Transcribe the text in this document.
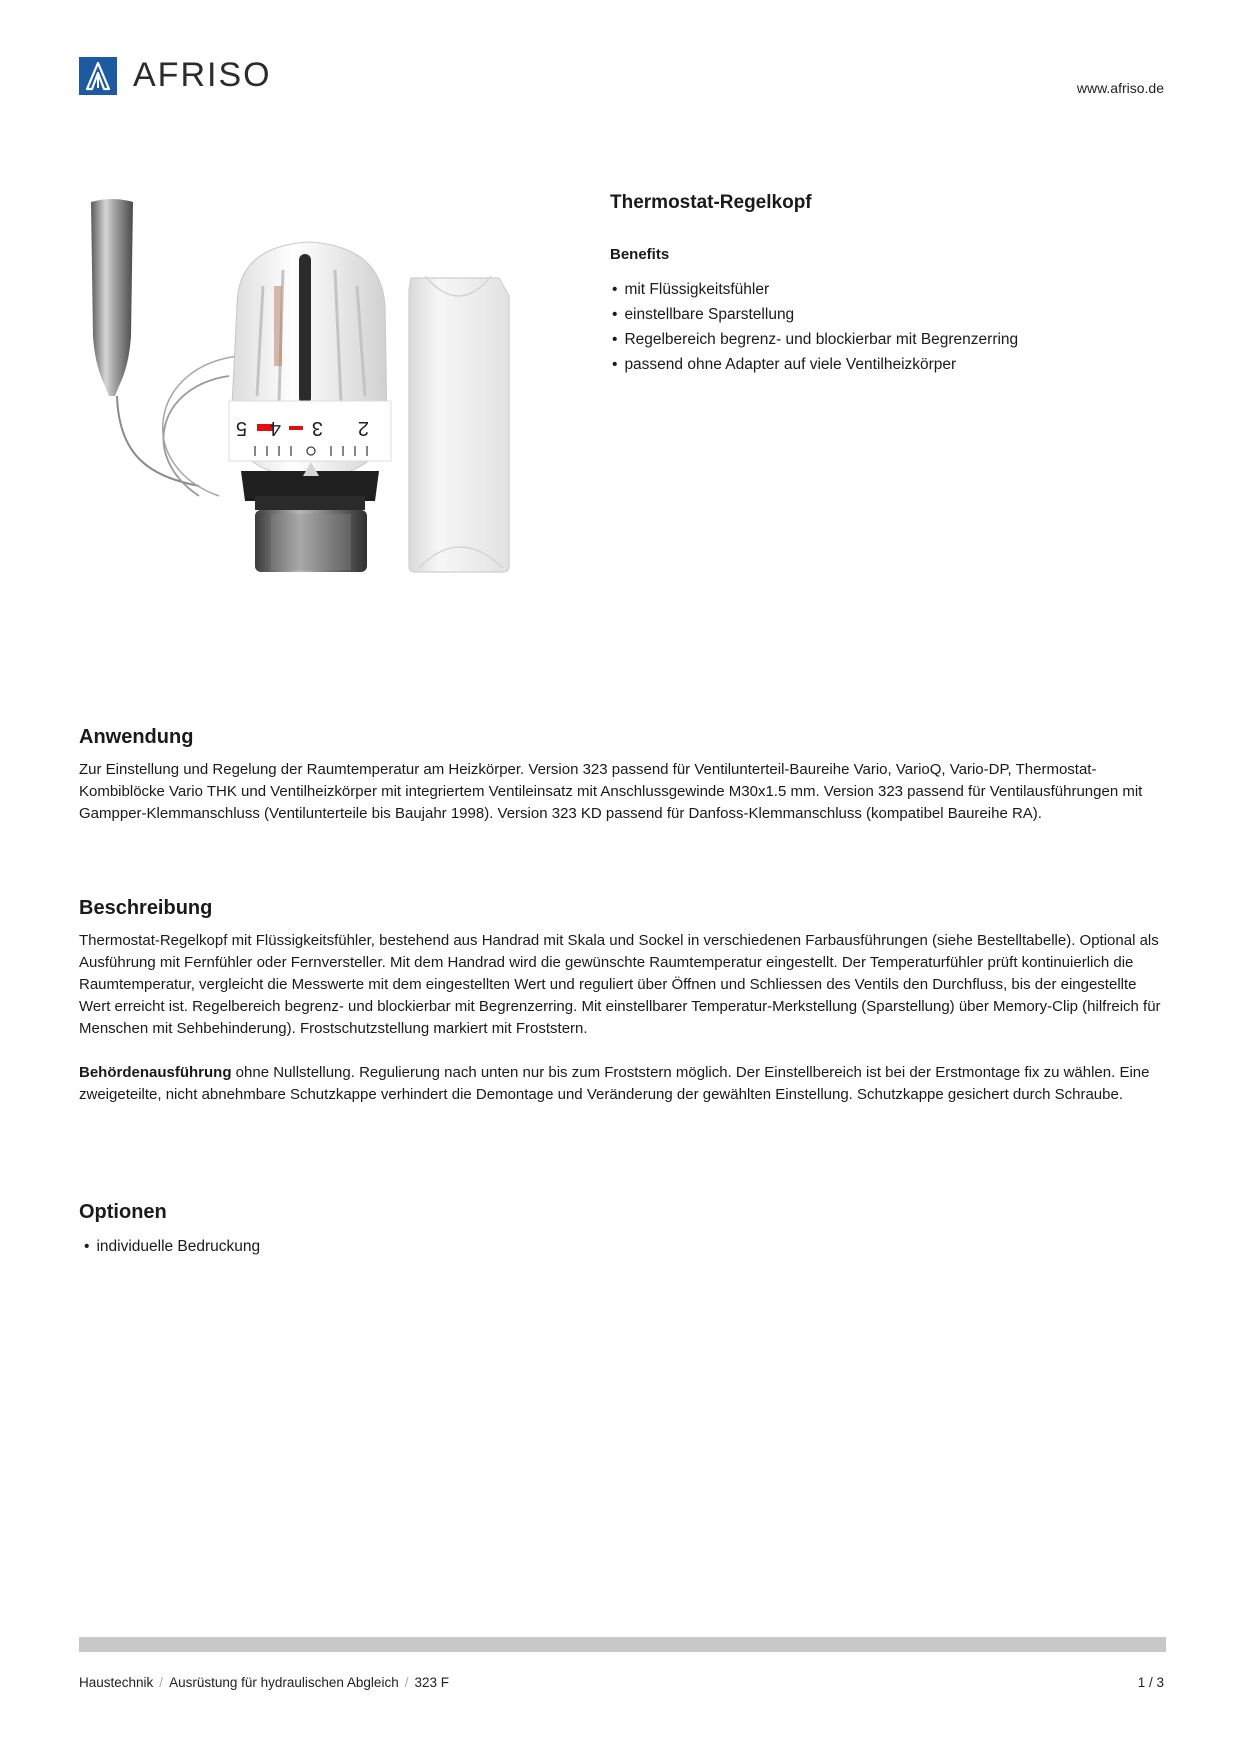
AFRISO	www.afriso.de
5 4 3 2
Thermostat-Regelkopf
Benefits
• mit Flüssigkeitsfühler
• einstellbare Sparstellung
• Regelbereich begrenz- und blockierbar mit Begrenzerring
• passend ohne Adapter auf viele Ventilheizkörper
Anwendung

Zur Einstellung und Regelung der Raumtemperatur am Heizkörper. Version 323 passend für Ventilunterteil-Baureihe Vario, VarioQ, Vario-DP, Thermostat-Kombiblöcke Vario THK und Ventilheizkörper mit integriertem Ventileinsatz mit Anschlussgewinde M30x1.5 mm. Version 323 passend für Ventilausführungen mit Gampper-Klemmanschluss (Ventilunterteile bis Baujahr 1998). Version 323 KD passend für Danfoss-Klemmanschluss (kompatibel Baureihe RA).

Beschreibung

Thermostat-Regelkopf mit Flüssigkeitsfühler, bestehend aus Handrad mit Skala und Sockel in verschiedenen Farbausführungen (siehe Bestelltabelle). Optional als Ausführung mit Fernfühler oder Fernversteller. Mit dem Handrad wird die gewünschte Raumtemperatur eingestellt. Der Temperaturfühler prüft kontinuierlich die Raumtemperatur, vergleicht die Messwerte mit dem eingestellten Wert und reguliert über Öffnen und Schliessen des Ventils den Durchfluss, bis der eingestellte Wert erreicht ist. Regelbereich begrenz- und blockierbar mit Begrenzerring. Mit einstellbarer Temperatur-Merkstellung (Sparstellung) über Memory-Clip (hilfreich für Menschen mit Sehbehinderung). Frostschutzstellung markiert mit Froststern.

Behördenausführung ohne Nullstellung. Regulierung nach unten nur bis zum Froststern möglich. Der Einstellbereich ist bei der Erstmontage fix zu wählen. Eine zweigeteilte, nicht abnehmbare Schutzkappe verhindert die Demontage und Veränderung der gewählten Einstellung. Schutzkappe gesichert durch Schraube.

Optionen
• individuelle Bedruckung
Haustechnik / Ausrüstung für hydraulischen Abgleich / 323 F	1 / 3
